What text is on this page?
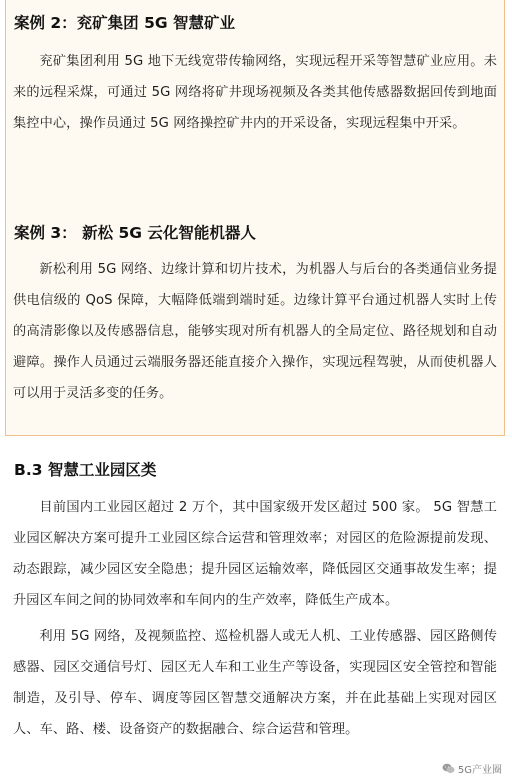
案例 2：兖矿集团 5G 智慧矿业

兖矿集团利用 5G 地下无线宽带传输网络，实现远程开采等智慧矿业应用。未来的远程采煤，可通过 5G 网络将矿井现场视频及各类其他传感器数据回传到地面集控中心，操作员通过 5G 网络操控矿井内的开采设备，实现远程集中开采。

案例 3： 新松 5G 云化智能机器人

新松利用 5G 网络、边缘计算和切片技术，为机器人与后台的各类通信业务提供电信级的 QoS 保障，大幅降低端到端时延。边缘计算平台通过机器人实时上传的高清影像以及传感器信息，能够实现对所有机器人的全局定位、路径规划和自动避障。操作人员通过云端服务器还能直接介入操作，实现远程驾驶，从而使机器人可以用于灵活多变的任务。

B.3 智慧工业园区类

目前国内工业园区超过 2 万个，其中国家级开发区超过 500 家。 5G 智慧工业园区解决方案可提升工业园区综合运营和管理效率；对园区的危险源提前发现、动态跟踪，减少园区安全隐患；提升园区运输效率，降低园区交通事故发生率；提升园区车间之间的协同效率和车间内的生产效率，降低生产成本。

利用 5G 网络，及视频监控、巡检机器人或无人机、工业传感器、园区路侧传感器、园区交通信号灯、园区无人车和工业生产等设备，实现园区安全管控和智能制造，及引导、停车、调度等园区智慧交通解决方案，并在此基础上实现对园区人、车、路、楼、设备资产的数据融合、综合运营和管理。

5G产业圈
